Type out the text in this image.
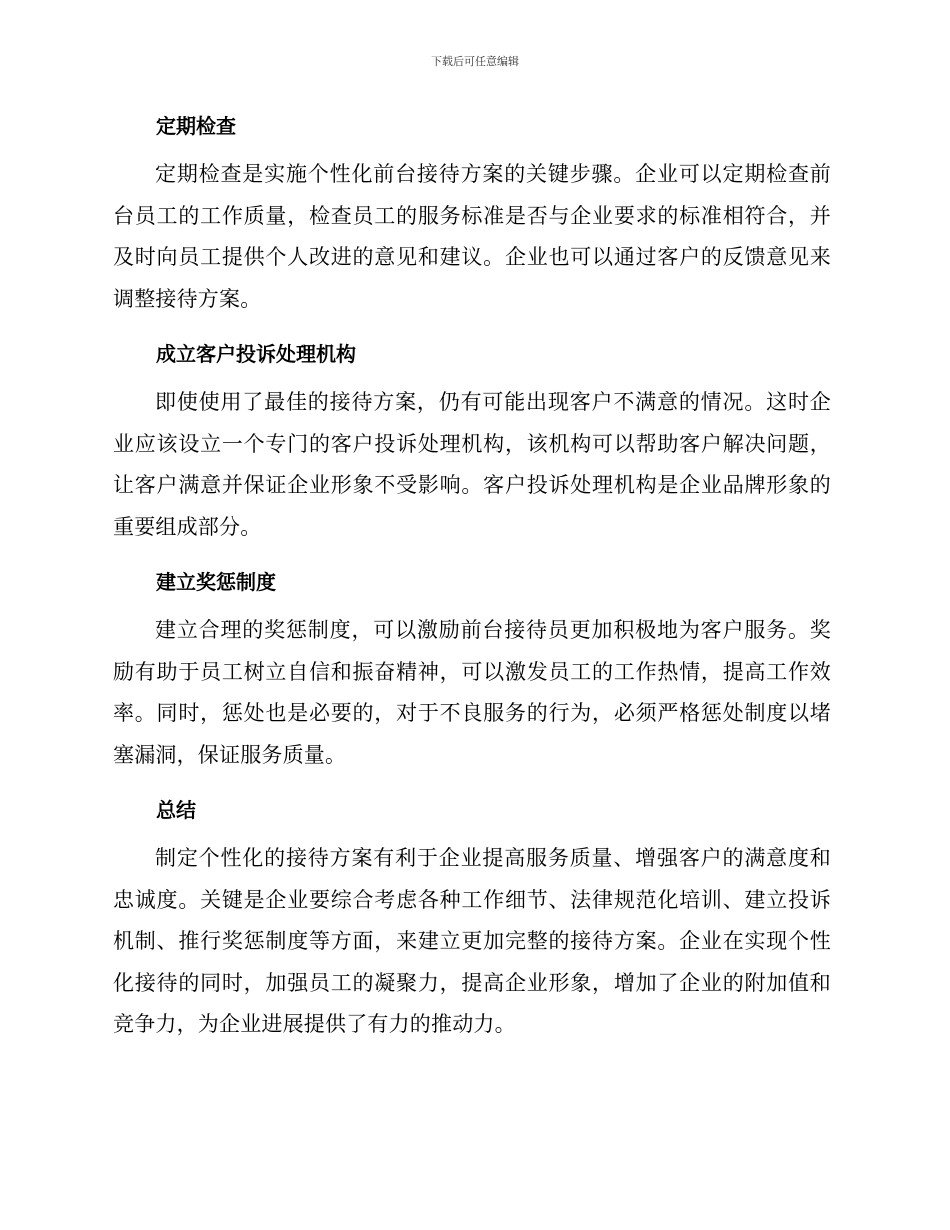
下载后可任意编辑
定期检查

定期检查是实施个性化前台接待方案的关键步骤。企业可以定期检查前台员工的工作质量，检查员工的服务标准是否与企业要求的标准相符合，并及时向员工提供个人改进的意见和建议。企业也可以通过客户的反馈意见来调整接待方案。

成立客户投诉处理机构

即使使用了最佳的接待方案，仍有可能出现客户不满意的情况。这时企业应该设立一个专门的客户投诉处理机构，该机构可以帮助客户解决问题，让客户满意并保证企业形象不受影响。客户投诉处理机构是企业品牌形象的重要组成部分。

建立奖惩制度

建立合理的奖惩制度，可以激励前台接待员更加积极地为客户服务。奖励有助于员工树立自信和振奋精神，可以激发员工的工作热情，提高工作效率。同时，惩处也是必要的，对于不良服务的行为，必须严格惩处制度以堵塞漏洞，保证服务质量。

总结

制定个性化的接待方案有利于企业提高服务质量、增强客户的满意度和忠诚度。关键是企业要综合考虑各种工作细节、法律规范化培训、建立投诉机制、推行奖惩制度等方面，来建立更加完整的接待方案。企业在实现个性化接待的同时，加强员工的凝聚力，提高企业形象，增加了企业的附加值和竞争力，为企业进展提供了有力的推动力。
